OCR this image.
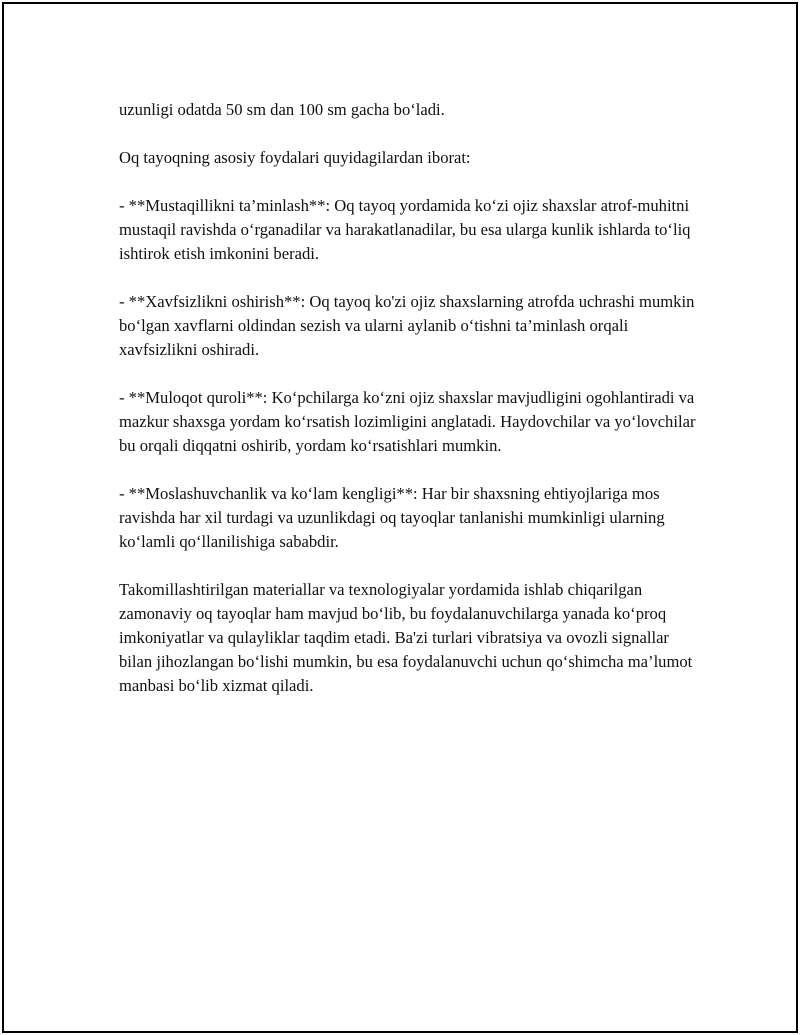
uzunligi odatda 50 sm dan 100 sm gacha bo‘ladi.

Oq tayoqning asosiy foydalari quyidagilardan iborat:

- **Mustaqillikni ta’minlash**: Oq tayoq yordamida ko‘zi ojiz shaxslar atrof-muhitni mustaqil ravishda o‘rganadilar va harakatlanadilar, bu esa ularga kunlik ishlarda to‘liq ishtirok etish imkonini beradi.

- **Xavfsizlikni oshirish**: Oq tayoq ko'zi ojiz shaxslarning atrofda uchrashi mumkin bo‘lgan xavflarni oldindan sezish va ularni aylanib o‘tishni ta’minlash orqali xavfsizlikni oshiradi.

- **Muloqot quroli**: Ko‘pchilarga ko‘zni ojiz shaxslar mavjudligini ogohlantiradi va mazkur shaxsga yordam ko‘rsatish lozimligini anglatadi. Haydovchilar va yo‘lovchilar bu orqali diqqatni oshirib, yordam ko‘rsatishlari mumkin.

- **Moslashuvchanlik va ko‘lam kengligi**: Har bir shaxsning ehtiyojlariga mos ravishda har xil turdagi va uzunlikdagi oq tayoqlar tanlanishi mumkinligi ularning ko‘lamli qo‘llanilishiga sababdir.

Takomillashtirilgan materiallar va texnologiyalar yordamida ishlab chiqarilgan zamonaviy oq tayoqlar ham mavjud bo‘lib, bu foydalanuvchilarga yanada ko‘proq imkoniyatlar va qulayliklar taqdim etadi. Ba'zi turlari vibratsiya va ovozli signallar bilan jihozlangan bo‘lishi mumkin, bu esa foydalanuvchi uchun qo‘shimcha ma’lumot manbasi bo‘lib xizmat qiladi.
